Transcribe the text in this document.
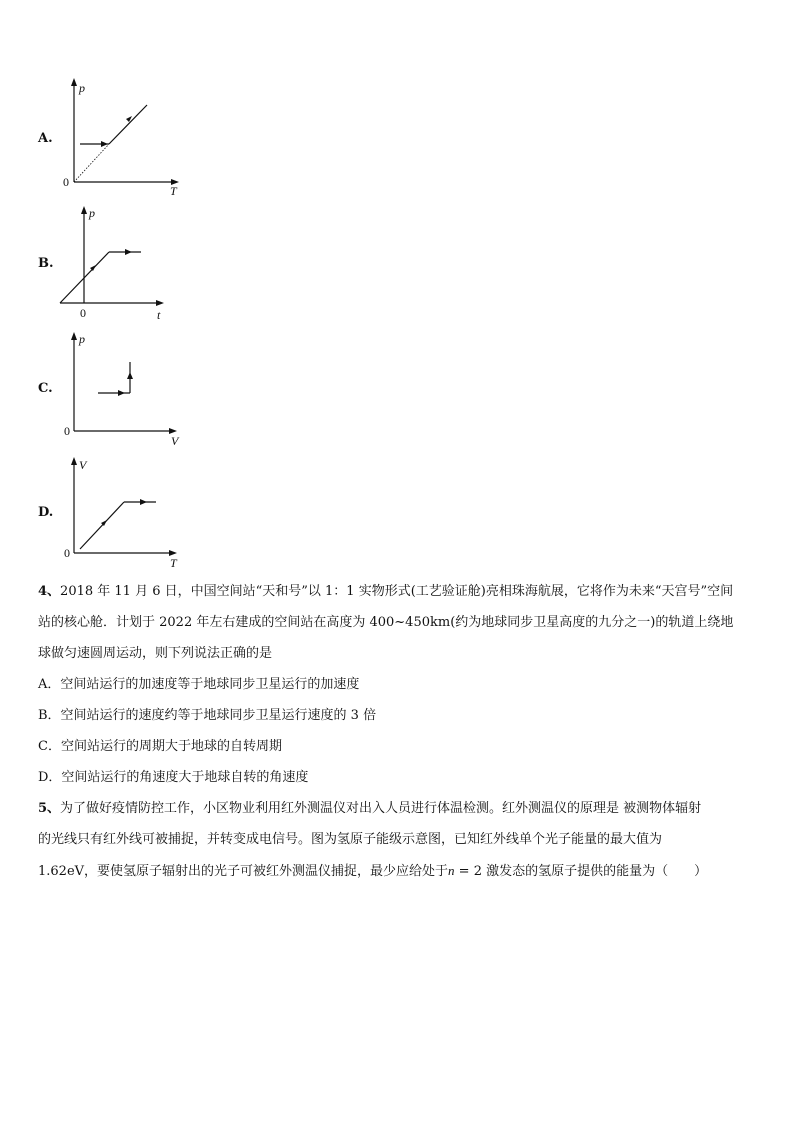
A.
p
T
0
B.
p
t
0
C.
p
V
0
D.
V
T
0
4、2018 年 11 月 6 日，中国空间站“天和号”以 1：1 实物形式(工艺验证舱)亮相珠海航展，它将作为未来“天宫号”空间
站的核心舱．计划于 2022 年左右建成的空间站在高度为 400~450km(约为地球同步卫星高度的九分之一)的轨道上绕地
球做匀速圆周运动，则下列说法正确的是
A．空间站运行的加速度等于地球同步卫星运行的加速度
B．空间站运行的速度约等于地球同步卫星运行速度的 3 倍
C．空间站运行的周期大于地球的自转周期
D．空间站运行的角速度大于地球自转的角速度
5、为了做好疫情防控工作，小区物业利用红外测温仪对出入人员进行体温检测。红外测温仪的原理是 被测物体辐射
的光线只有红外线可被捕捉，并转变成电信号。图为氢原子能级示意图，已知红外线单个光子能量的最大值为
1.62eV，要使氢原子辐射出的光子可被红外测温仪捕捉，最少应给处于n = 2 激发态的氢原子提供的能量为（　　）
